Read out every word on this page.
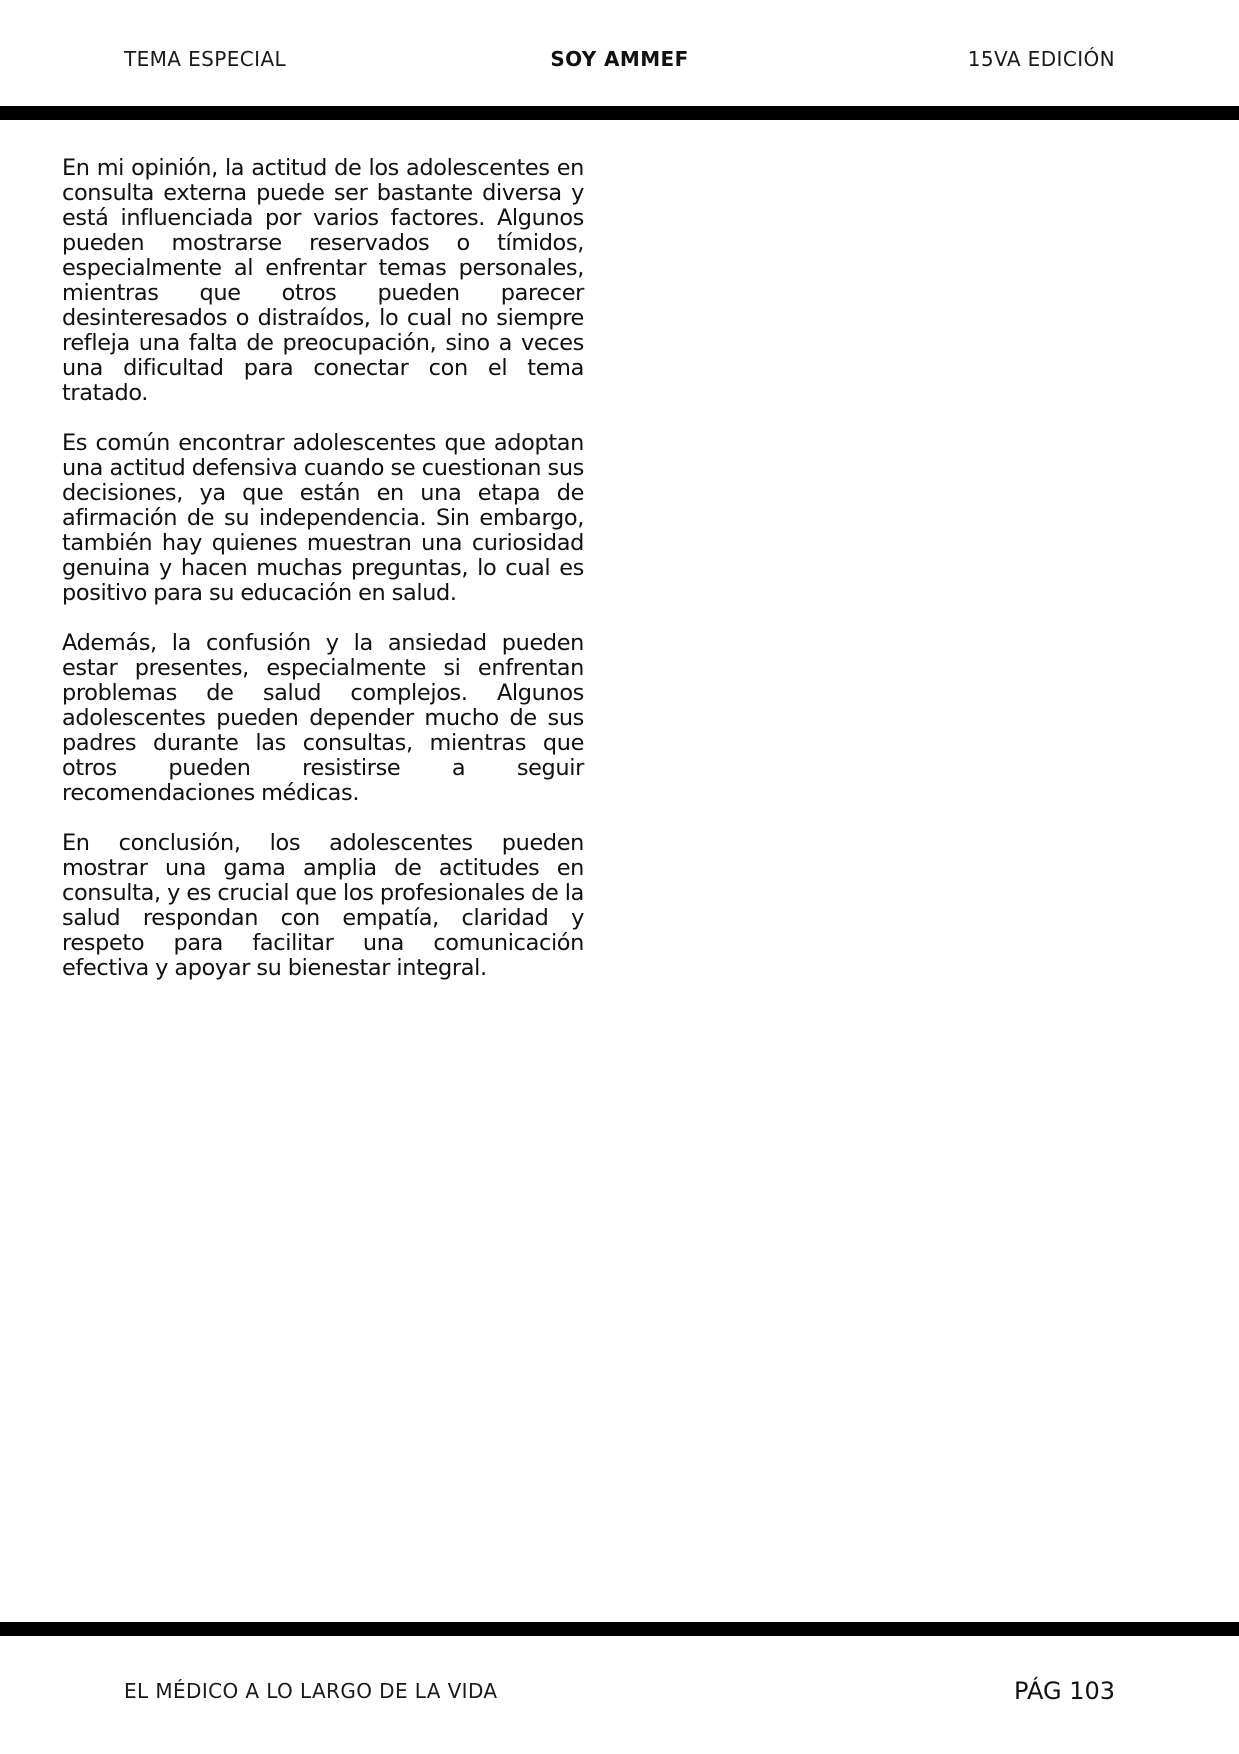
TEMA ESPECIAL	SOY AMMEF	15VA EDICIÓN

En mi opinión, la actitud de los adolescentes en consulta externa puede ser bastante diversa y está influenciada por varios factores. Algunos pueden mostrarse reservados o tímidos, especialmente al enfrentar temas personales, mientras que otros pueden parecer desinteresados o distraídos, lo cual no siempre refleja una falta de preocupación, sino a veces una dificultad para conectar con el tema tratado.

Es común encontrar adolescentes que adoptan una actitud defensiva cuando se cuestionan sus decisiones, ya que están en una etapa de afirmación de su independencia. Sin embargo, también hay quienes muestran una curiosidad genuina y hacen muchas preguntas, lo cual es positivo para su educación en salud.

Además, la confusión y la ansiedad pueden estar presentes, especialmente si enfrentan problemas de salud complejos. Algunos adolescentes pueden depender mucho de sus padres durante las consultas, mientras que otros pueden resistirse a seguir recomendaciones médicas.

En conclusión, los adolescentes pueden mostrar una gama amplia de actitudes en consulta, y es crucial que los profesionales de la salud respondan con empatía, claridad y respeto para facilitar una comunicación efectiva y apoyar su bienestar integral.

EL MÉDICO A LO LARGO DE LA VIDA	PÁG 103
